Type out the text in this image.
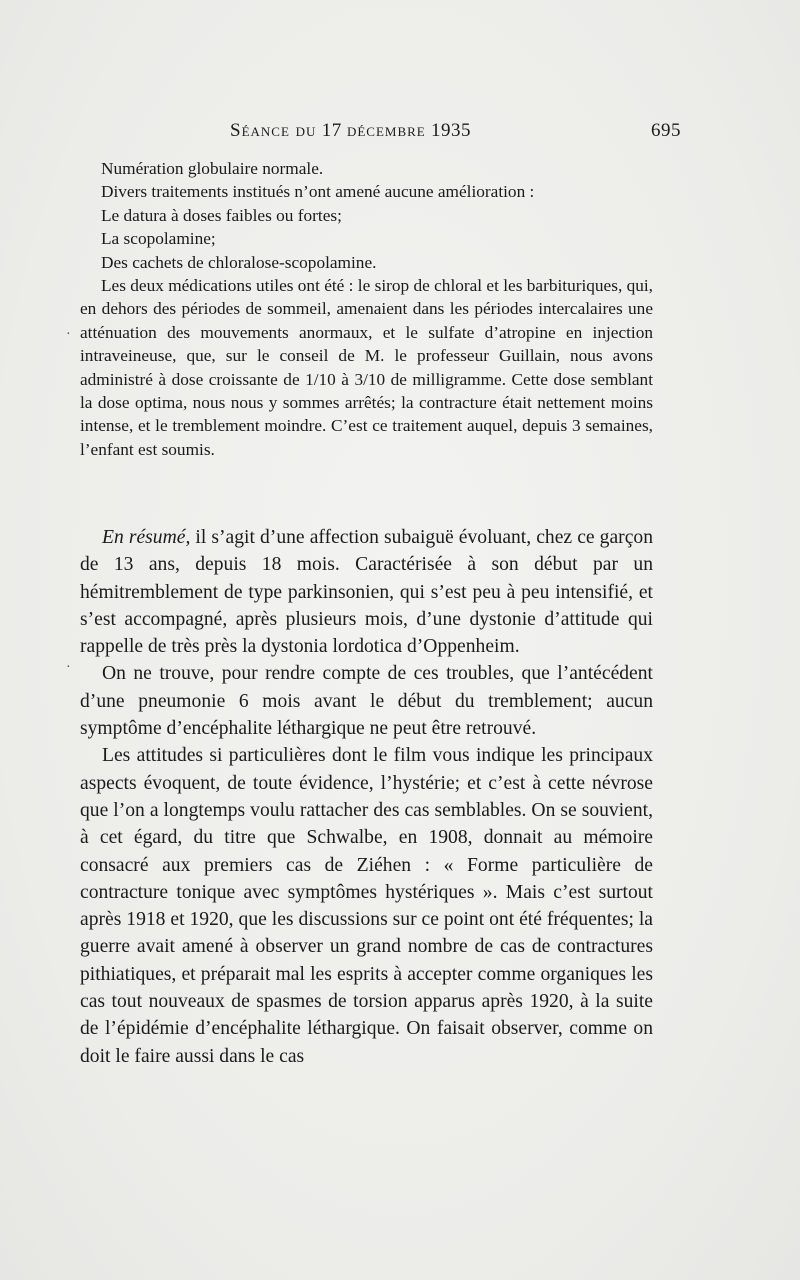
Séance du 17 décembre 1935	695

Numération globulaire normale.

Divers traitements institués n’ont amené aucune amélioration :

Le datura à doses faibles ou fortes;

La scopolamine;

Des cachets de chloralose-scopolamine.

Les deux médications utiles ont été : le sirop de chloral et les barbituriques, qui, en dehors des périodes de sommeil, amenaient dans les périodes intercalaires une atténuation des mouvements anormaux, et le sulfate d’atropine en injection intraveineuse, que, sur le conseil de M. le professeur Guillain, nous avons administré à dose croissante de 1/10 à 3/10 de milligramme. Cette dose semblant la dose optima, nous nous y sommes arrêtés; la contracture était nettement moins intense, et le tremblement moindre. C’est ce traitement auquel, depuis 3 semaines, l’enfant est soumis.

En résumé, il s’agit d’une affection subaiguë évoluant, chez ce garçon de 13 ans, depuis 18 mois. Caractérisée à son début par un hémitremblement de type parkinsonien, qui s’est peu à peu intensifié, et s’est accompagné, après plusieurs mois, d’une dystonie d’attitude qui rappelle de très près la dystonia lordotica d’Oppenheim.

On ne trouve, pour rendre compte de ces troubles, que l’antécédent d’une pneumonie 6 mois avant le début du tremblement; aucun symptôme d’encéphalite léthargique ne peut être retrouvé.

Les attitudes si particulières dont le film vous indique les principaux aspects évoquent, de toute évidence, l’hystérie; et c’est à cette névrose que l’on a longtemps voulu rattacher des cas semblables. On se souvient, à cet égard, du titre que Schwalbe, en 1908, donnait au mémoire consacré aux premiers cas de Ziéhen : « Forme particulière de contracture tonique avec symptômes hystériques ». Mais c’est surtout après 1918 et 1920, que les discussions sur ce point ont été fréquentes; la guerre avait amené à observer un grand nombre de cas de contractures pithiatiques, et préparait mal les esprits à accepter comme organiques les cas tout nouveaux de spasmes de torsion apparus après 1920, à la suite de l’épidémie d’encéphalite léthargique. On faisait observer, comme on doit le faire aussi dans le cas

·
·
